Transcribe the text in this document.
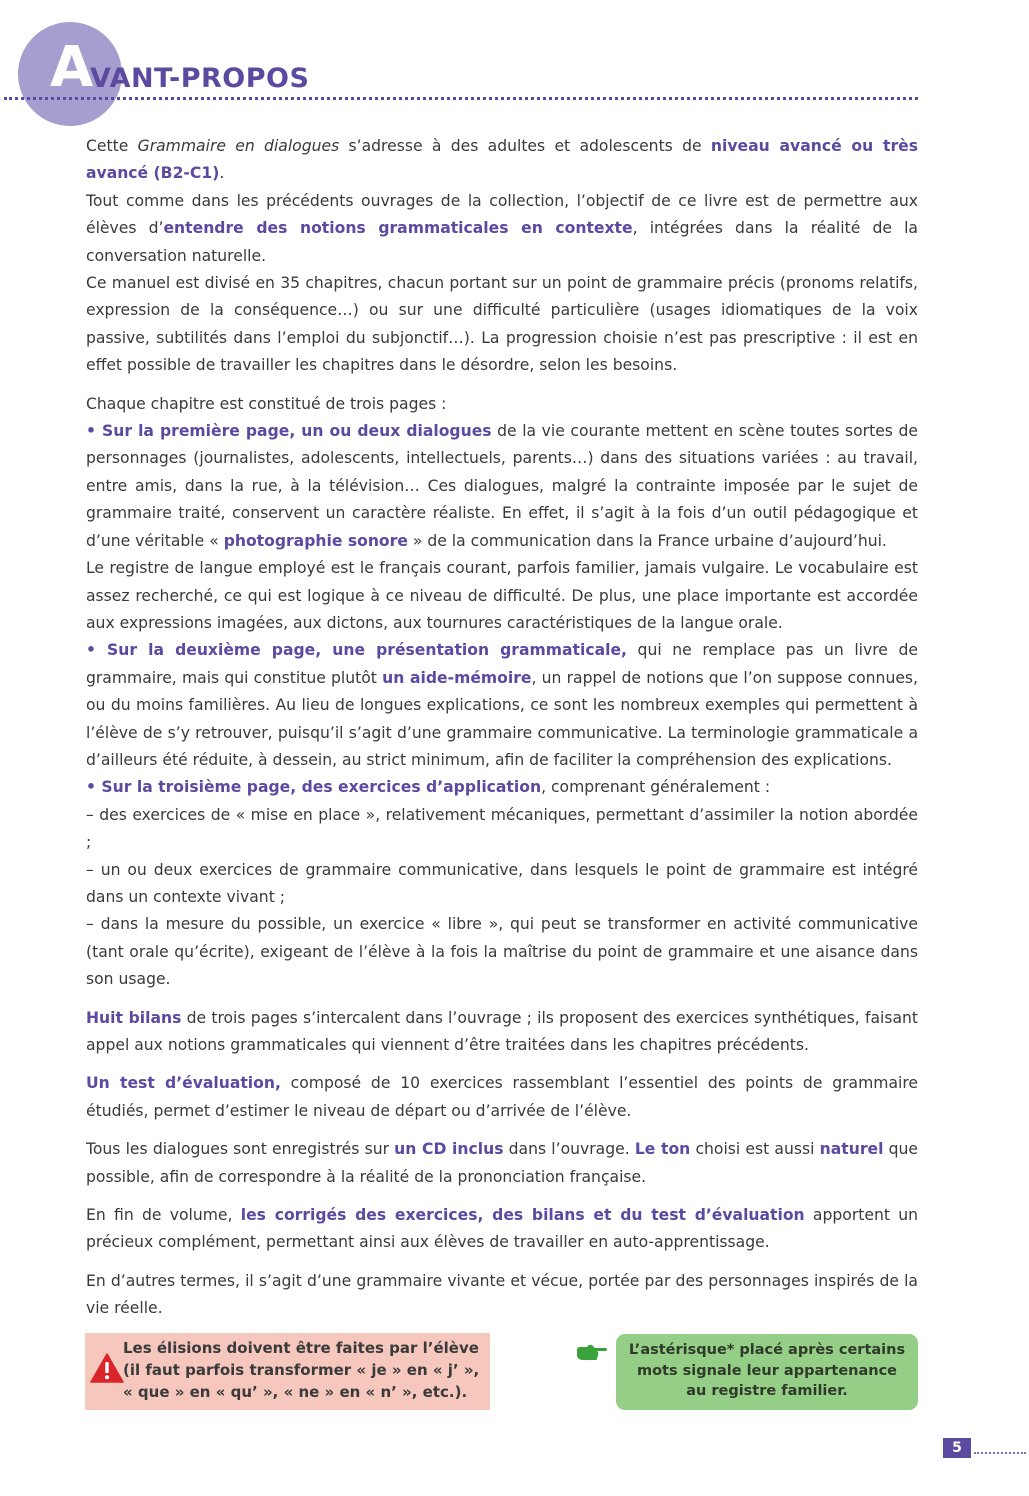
A
VANT-PROPOS

Cette Grammaire en dialogues s’adresse à des adultes et adolescents de niveau avancé ou très avancé (B2-C1).

Tout comme dans les précédents ouvrages de la collection, l’objectif de ce livre est de permettre aux élèves d’entendre des notions grammaticales en contexte, intégrées dans la réalité de la conversation naturelle.

Ce manuel est divisé en 35 chapitres, chacun portant sur un point de grammaire précis (pronoms relatifs, expression de la conséquence…) ou sur une difficulté particulière (usages idiomatiques de la voix passive, subtilités dans l’emploi du subjonctif…). La progression choisie n’est pas prescriptive : il est en effet possible de travailler les chapitres dans le désordre, selon les besoins.

Chaque chapitre est constitué de trois pages :

• Sur la première page, un ou deux dialogues de la vie courante mettent en scène toutes sortes de personnages (journalistes, adolescents, intellectuels, parents…) dans des situations variées : au travail, entre amis, dans la rue, à la télévision… Ces dialogues, malgré la contrainte imposée par le sujet de grammaire traité, conservent un caractère réaliste. En effet, il s’agit à la fois d’un outil pédagogique et d’une véritable « photographie sonore » de la communication dans la France urbaine d’aujourd’hui.

Le registre de langue employé est le français courant, parfois familier, jamais vulgaire. Le vocabulaire est assez recherché, ce qui est logique à ce niveau de difficulté. De plus, une place importante est accordée aux expressions imagées, aux dictons, aux tournures caractéristiques de la langue orale.

• Sur la deuxième page, une présentation grammaticale, qui ne remplace pas un livre de grammaire, mais qui constitue plutôt un aide-mémoire, un rappel de notions que l’on suppose connues, ou du moins familières. Au lieu de longues explications, ce sont les nombreux exemples qui permettent à l’élève de s’y retrouver, puisqu’il s’agit d’une grammaire communicative. La terminologie grammaticale a d’ailleurs été réduite, à dessein, au strict minimum, afin de faciliter la compréhension des explications.

• Sur la troisième page, des exercices d’application, comprenant généralement :

– des exercices de « mise en place », relativement mécaniques, permettant d’assimiler la notion abordée ;

– un ou deux exercices de grammaire communicative, dans lesquels le point de grammaire est intégré dans un contexte vivant ;

– dans la mesure du possible, un exercice « libre », qui peut se transformer en activité communicative (tant orale qu’écrite), exigeant de l’élève à la fois la maîtrise du point de grammaire et une aisance dans son usage.

Huit bilans de trois pages s’intercalent dans l’ouvrage ; ils proposent des exercices synthétiques, faisant appel aux notions grammaticales qui viennent d’être traitées dans les chapitres précédents.

Un test d’évaluation, composé de 10 exercices rassemblant l’essentiel des points de grammaire étudiés, permet d’estimer le niveau de départ ou d’arrivée de l’élève.

Tous les dialogues sont enregistrés sur un CD inclus dans l’ouvrage. Le ton choisi est aussi naturel que possible, afin de correspondre à la réalité de la prononciation française.

En fin de volume, les corrigés des exercices, des bilans et du test d’évaluation apportent un précieux complément, permettant ainsi aux élèves de travailler en auto-apprentissage.

En d’autres termes, il s’agit d’une grammaire vivante et vécue, portée par des personnages inspirés de la vie réelle.

Les élisions doivent être faites par l’élève
(il faut parfois transformer « je » en « j’ »,
« que » en « qu’ », « ne » en « n’ », etc.).
L’astérisque* placé après certains
mots signale leur appartenance
au registre familier.
5
